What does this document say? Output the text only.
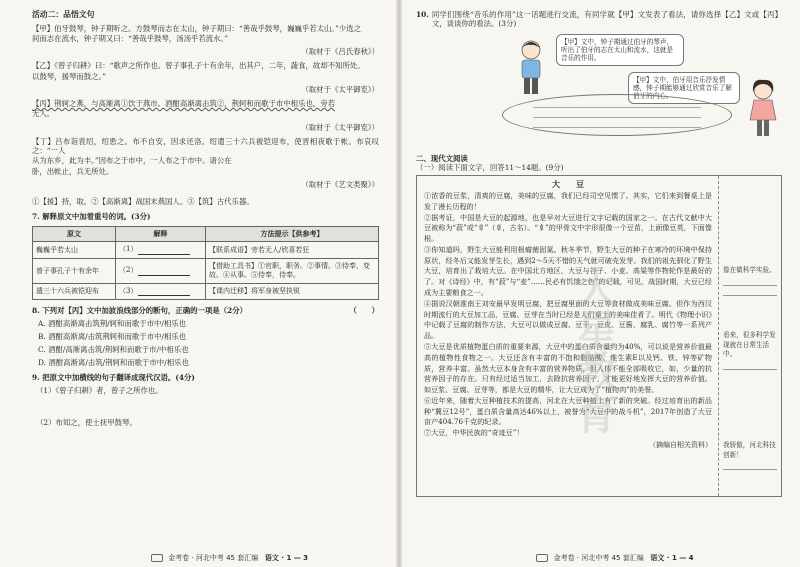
活动二：品悟文句

【甲】伯牙鼓琴，钟子期听之。方鼓琴而志在太山，钟子期曰：“善哉乎鼓琴，巍巍乎若太山。”少选之

间而志在流水，钟子期又曰：“善哉乎鼓琴，汤汤乎若流水。”

（取材于《吕氏春秋》）

【乙】《曾子归耕》曰：“歌声之所作也。曾子事孔子十有余年，出其户，二年，蔬食，故却不知所处。

以鼓琴，援琴而鼓之。”

（取材于《太平御览》）

【丙】荆轲之燕，与高渐离①饮于燕市。酒酣高渐离击筑②，荆轲和而歌于市中相乐也，旁若

无人。

（取材于《太平御览》）

【丁】吕布诣袁绍，绍患之。布不自安，因求还洛。绍遣三十六兵被铠迎布，使晋相夜歌于帐。布哀叹之：“一人

从为东乡，此为丰。”因布之于市中，一人布之于市中。诸公在

卧，出帐止，兵无所处。

（取材于《艺文类聚》）
①【援】持，取。②【高渐离】战国末燕国人。③【筑】古代乐器。
7. 解释原文中加着重号的词。(3分)
原文	解释	方法提示【供参考】
巍巍乎若太山	（1）	【联系成语】旁若无人/欣喜若狂
曾子事孔子十有余年	（2）	【借助工具书】①官职，职务。②事情。③侍奉，变故。④从事。⑤侍奉，侍奉。
遣三十六兵被铠迎布	（3）	【课内迁移】将军身被坚执锐
8. 下列对【丙】文中加波浪线部分的断句，正确的一项是（2分）	（　　）
A. 酒酣高渐离击筑荆/轲和而歌于市中/相乐也
B. 酒酣高渐离/击筑荆轲和而歌于市中/相乐也
C. 酒酣/高渐离击筑/荆轲和而歌于市/中相乐也
D. 酒酣高渐离/击筑/荆轲和而歌于市中/相乐也
9. 把原文中加横线的句子翻译成现代汉语。(4分)
（1）《曾子归耕》者，曾子之所作也。
（2）布知之，使士抚甲鼓琴。
金考卷 · 河北中考 45 套汇编 语文 · 1 — 3
10. 同学们围绕“音乐的作用”这一话题进行交流，有同学就【甲】文发表了看法，请你选择【乙】文或【丙】文，谈谈你的看法。(3分)

【甲】文中，钟子期通过伯牙的琴声，听出了伯牙的志在太山和流水，这就是音乐的作用。
【甲】文中，伯牙用音乐抒发情感，钟子期能够通过欣赏音乐了解伯牙的内心。
二、现代文阅读
（一）阅读下面文字，回答11～14题。(9分)
大星教育
大　　豆

①浓香的豆浆，清爽的豆腐，美味的豆腐，我们已经司空见惯了。其实，它们来到餐桌上是发了漫长历程的！

②据考证，中国是大豆的起源地，也是早对大豆进行文字记载的国家之一。在古代文献中大豆被称为“菽”或“𠦝”（𠦝，古名）。“𠦝”的甲骨文中字形很像一个豆苗，上面像豆英，下面像根。

③你知道吗，野生大豆能利用根瘤菌固氮。秋冬季节，野生大豆的种子在寒冷的环境中保持原状，经冬后又能发芽生长，遇到2～5天不错的天气就可破壳发芽。我们的祖先驯化了野生大豆，培育出了栽培大豆。在中国北方地区，大豆与谷子、小麦、高粱等作物轮作是最好的了。对《诗经》中，有“菽”与“麦”……民必有饥饿之色”的记载，可见，战国时期，大豆已经成为主要粮食之一。

④据说汉朝淮南王刘安最早发明豆腐，把豆腐里面的大豆等食材做成美味豆腐。但作为西汉时期流行的大豆加工品，豆腐、豆芽在当时已经是人们桌上的美味佳肴了。明代《物理小识》中记载了豆腐的制作方法，大豆可以做成豆腐、豆干、豆皮、豆酱、腐乳、腐竹等一系列产品。

⑤大豆是优质植物蛋白质的重要来源，大豆中的蛋白质含量约为40%，可以说是营养价值最高的植物性食物之一。大豆还含有丰富的不饱和脂肪酸、维生素E以及钙、铁、锌等矿物质，营养丰富。虽然大豆本身含有丰富的营养物质，但人体不能全部吸收它，如，少量的抗营养因子的存在。只有经过适当加工，去除抗营养因子，才能更好地发挥大豆的营养价值。如豆浆、豆腐、豆芽等，都是大豆的精华，让大豆成为了“植物肉”的美誉。

⑥近年来，随着大豆种植技术的提高，河北在大豆种植上有了新的突破。经过培育出的新品种“冀豆12号”，蛋白质含量高达46%以上，被誉为“大豆中的战斗机”，2017年创造了大豆亩产404.76千克的纪录。

⑦大豆，中华民族的“奇迹豆”！

（摘编自相关资料）
像在做科学实验。
看来，很多科学发现就在日常生活中。
我骄傲，河北科技创新！
金考卷 · 河北中考 45 套汇编 语文 · 1 — 4
